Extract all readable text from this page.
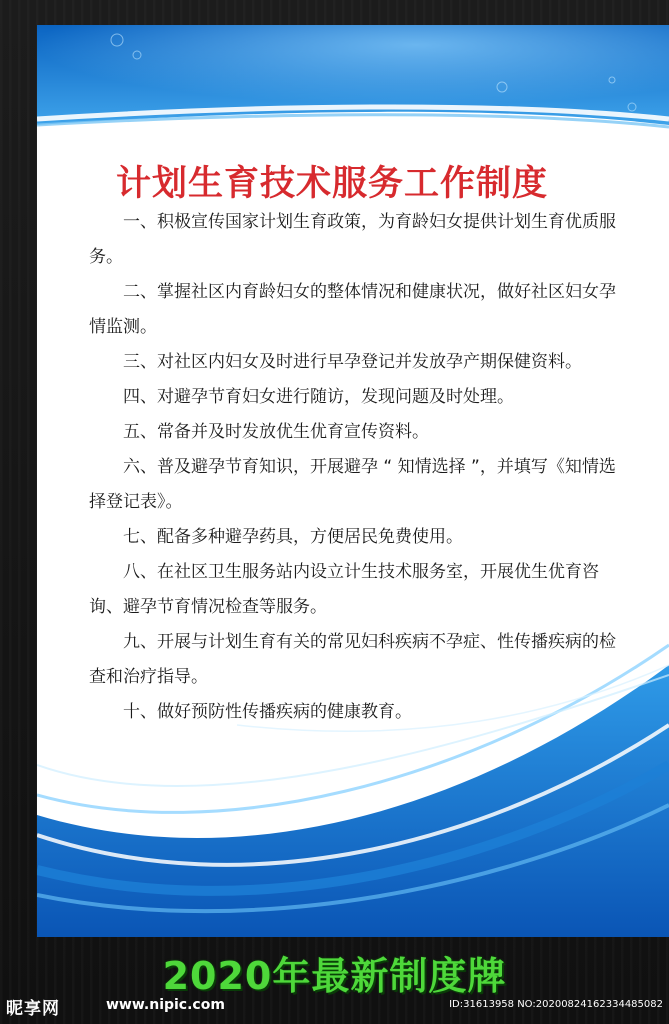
计划生育技术服务工作制度
一、积极宣传国家计划生育政策，为育龄妇女提供计划生育优质服务。
二、掌握社区内育龄妇女的整体情况和健康状况，做好社区妇女孕情监测。
三、对社区内妇女及时进行早孕登记并发放孕产期保健资料。
四、对避孕节育妇女进行随访，发现问题及时处理。
五、常备并及时发放优生优育宣传资料。
六、普及避孕节育知识，开展避孕 “ 知情选择 ”，并填写《知情选择登记表》。
七、配备多种避孕药具，方便居民免费使用。
八、在社区卫生服务站内设立计生技术服务室，开展优生优育咨询、避孕节育情况检查等服务。
九、开展与计划生育有关的常见妇科疾病不孕症、性传播疾病的检查和治疗指导。
十、做好预防性传播疾病的健康教育。
2020年最新制度牌
昵享网	www.nipic.com	ID:31613958 NO:20200824162334485082
